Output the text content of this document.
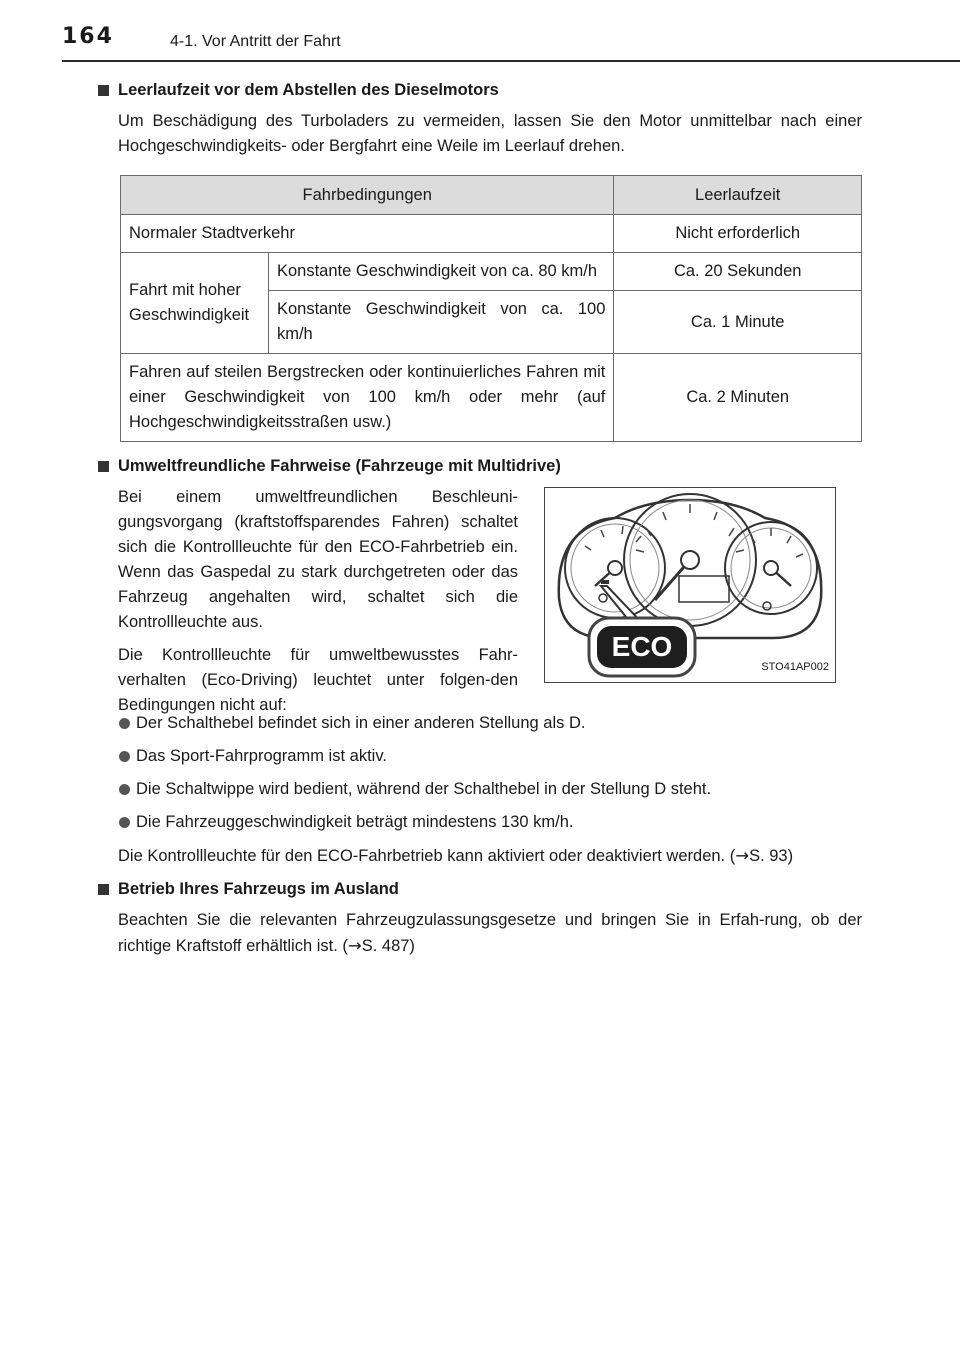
164	4-1. Vor Antritt der Fahrt
Leerlaufzeit vor dem Abstellen des Dieselmotors

Um Beschädigung des Turboladers zu vermeiden, lassen Sie den Motor unmittelbar nach einer Hochgeschwindigkeits- oder Bergfahrt eine Weile im Leerlauf drehen.

Fahrbedingungen		Leerlaufzeit
Normaler Stadtverkehr		Nicht erforderlich
Fahrt mit hoher Geschwindigkeit	Konstante Geschwindigkeit von ca. 80 km/h	Ca. 20 Sekunden
	Konstante Geschwindigkeit von ca. 100 km/h	Ca. 1 Minute
Fahren auf steilen Bergstrecken oder kontinuierliches Fahren mit einer Geschwindigkeit von 100 km/h oder mehr (auf Hochgeschwindigkeitsstraßen usw.)		Ca. 2 Minuten
Umweltfreundliche Fahrweise (Fahrzeuge mit Multidrive)

Bei einem umweltfreundlichen Beschleuni-gungsvorgang (kraftstoffsparendes Fahren) schaltet sich die Kontrollleuchte für den ECO-Fahrbetrieb ein. Wenn das Gaspedal zu stark durchgetreten oder das Fahrzeug angehalten wird, schaltet sich die Kontrollleuchte aus.

Die Kontrollleuchte für umweltbewusstes Fahr-verhalten (Eco-Driving) leuchtet unter folgen-den Bedingungen nicht auf:

ECO
STO41AP002
Der Schalthebel befindet sich in einer anderen Stellung als D.
Das Sport-Fahrprogramm ist aktiv.
Die Schaltwippe wird bedient, während der Schalthebel in der Stellung D steht.
Die Fahrzeuggeschwindigkeit beträgt mindestens 130 km/h.

Die Kontrollleuchte für den ECO-Fahrbetrieb kann aktiviert oder deaktiviert werden. (→S. 93)

Betrieb Ihres Fahrzeugs im Ausland

Beachten Sie die relevanten Fahrzeugzulassungsgesetze und bringen Sie in Erfah-rung, ob der richtige Kraftstoff erhältlich ist. (→S. 487)
